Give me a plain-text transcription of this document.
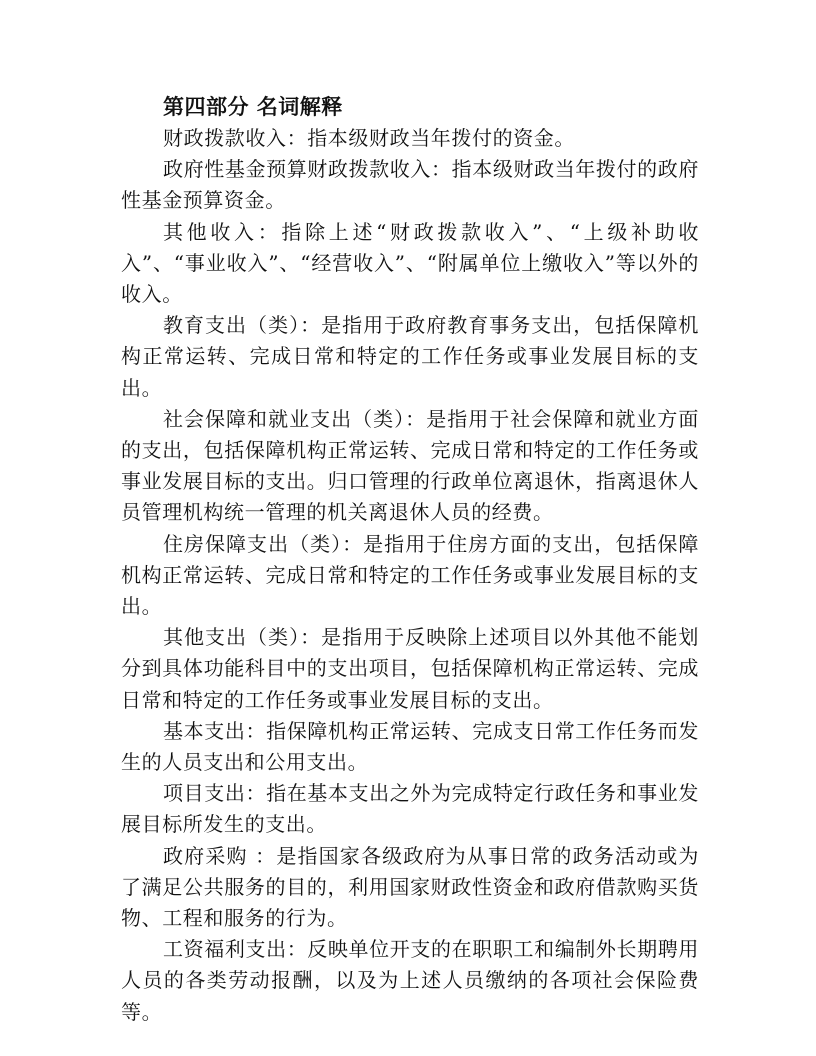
第四部分 名词解释

财政拨款收入：指本级财政当年拨付的资金。

政府性基金预算财政拨款收入：指本级财政当年拨付的政府性基金预算资金。

其他收入：指除上述“财政拨款收入”、“上级补助收入”、“事业收入”、“经营收入”、“附属单位上缴收入”等以外的收入。

教育支出（类）：是指用于政府教育事务支出，包括保障机构正常运转、完成日常和特定的工作任务或事业发展目标的支出。

社会保障和就业支出（类）：是指用于社会保障和就业方面的支出，包括保障机构正常运转、完成日常和特定的工作任务或事业发展目标的支出。归口管理的行政单位离退休，指离退休人员管理机构统一管理的机关离退休人员的经费。

住房保障支出（类）：是指用于住房方面的支出，包括保障机构正常运转、完成日常和特定的工作任务或事业发展目标的支出。

其他支出（类）：是指用于反映除上述项目以外其他不能划分到具体功能科目中的支出项目，包括保障机构正常运转、完成日常和特定的工作任务或事业发展目标的支出。

基本支出：指保障机构正常运转、完成支日常工作任务而发生的人员支出和公用支出。

项目支出：指在基本支出之外为完成特定行政任务和事业发展目标所发生的支出。

政府采购 ：是指国家各级政府为从事日常的政务活动或为了满足公共服务的目的，利用国家财政性资金和政府借款购买货物、工程和服务的行为。

工资福利支出：反映单位开支的在职职工和编制外长期聘用人员的各类劳动报酬，以及为上述人员缴纳的各项社会保险费等。
